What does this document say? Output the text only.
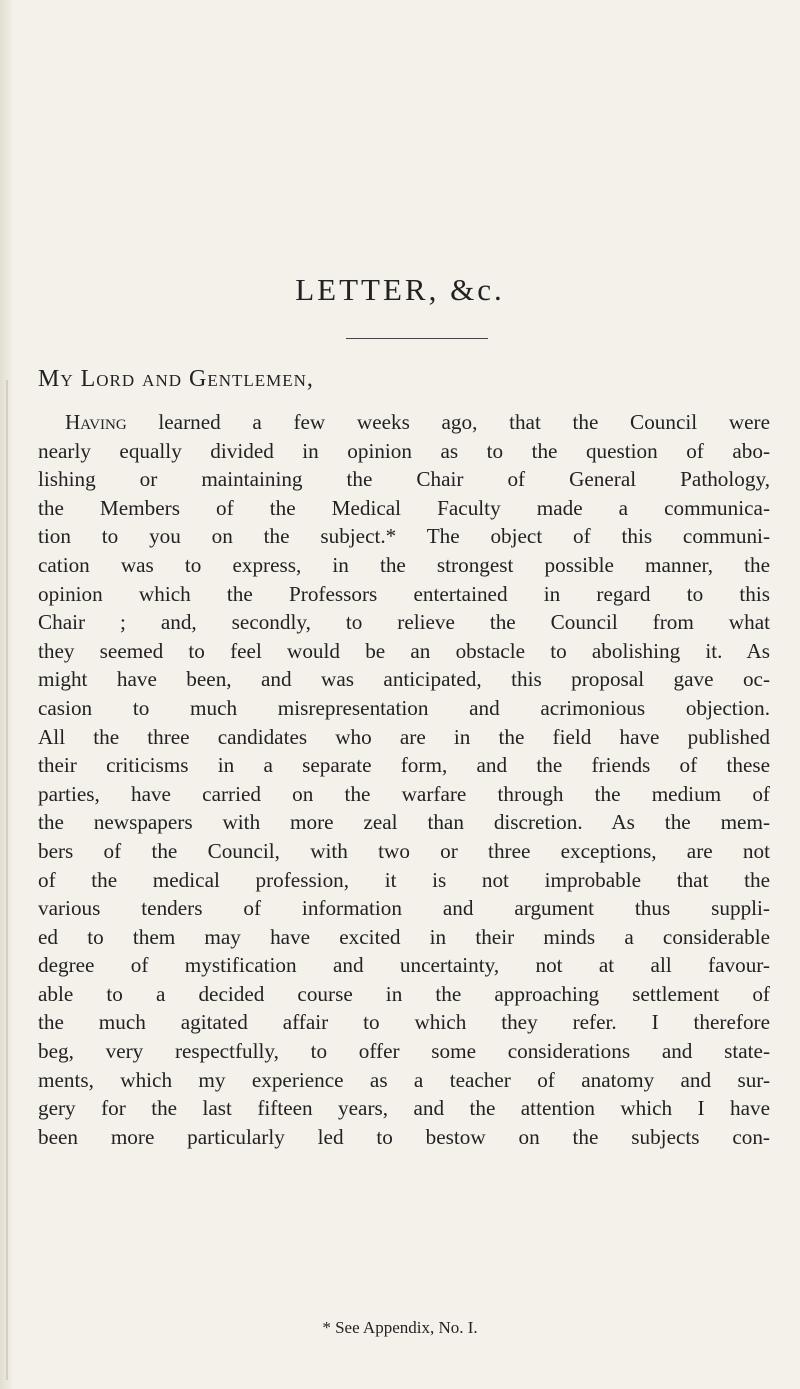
LETTER, &c.

My Lord and Gentlemen,

Having learned a few weeks ago, that the Council were
nearly equally divided in opinion as to the question of abo-
lishing or maintaining the Chair of General Pathology,
the Members of the Medical Faculty made a communica-
tion to you on the subject.* The object of this communi-
cation was to express, in the strongest possible manner, the
opinion which the Professors entertained in regard to this
Chair ; and, secondly, to relieve the Council from what
they seemed to feel would be an obstacle to abolishing it. As
might have been, and was anticipated, this proposal gave oc-
casion to much misrepresentation and acrimonious objection.
All the three candidates who are in the field have published
their criticisms in a separate form, and the friends of these
parties, have carried on the warfare through the medium of
the newspapers with more zeal than discretion. As the mem-
bers of the Council, with two or three exceptions, are not
of the medical profession, it is not improbable that the
various tenders of information and argument thus suppli-
ed to them may have excited in their minds a considerable
degree of mystification and uncertainty, not at all favour-
able to a decided course in the approaching settlement of
the much agitated affair to which they refer. I therefore
beg, very respectfully, to offer some considerations and state-
ments, which my experience as a teacher of anatomy and sur-
gery for the last fifteen years, and the attention which I have
been more particularly led to bestow on the subjects con-

* See Appendix, No. I.
